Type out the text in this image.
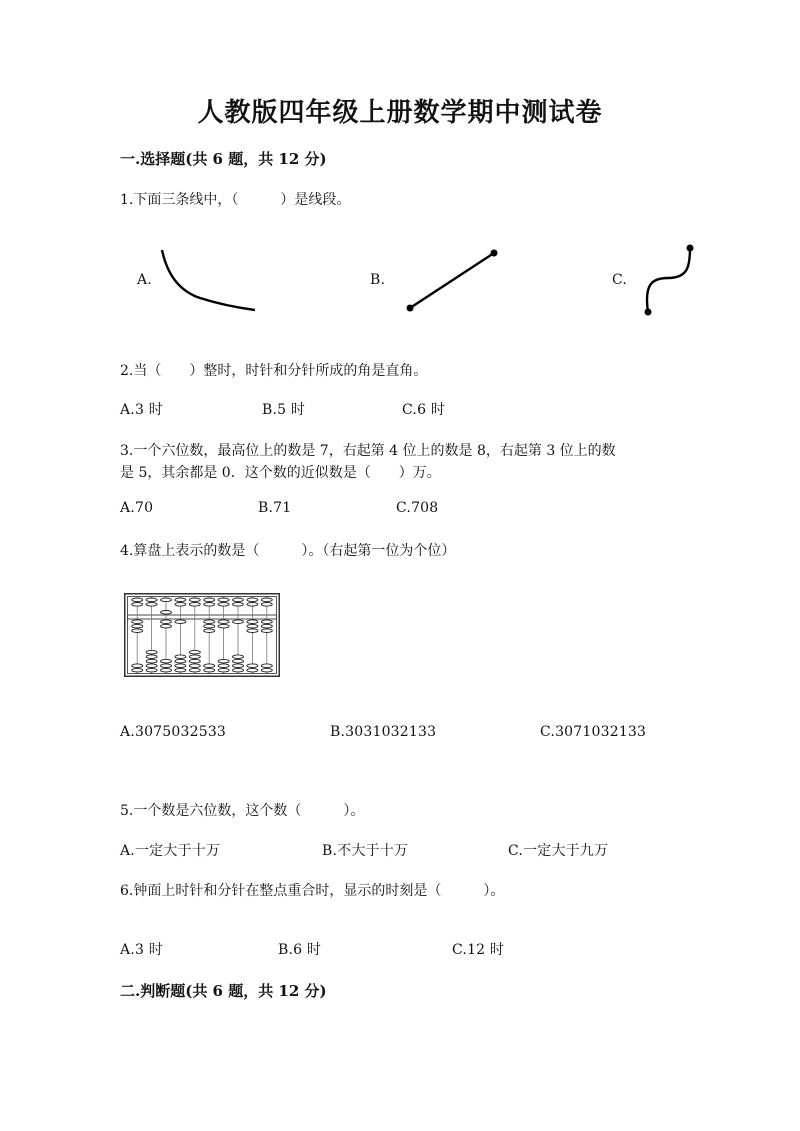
人教版四年级上册数学期中测试卷
一.选择题(共 6 题，共 12 分)
1.下面三条线中，（　　　）是线段。
A.	B.	C.
2.当（　　）整时，时针和分针所成的角是直角。
A.3 时	B.5 时	C.6 时
3.一个六位数，最高位上的数是 7，右起第 4 位上的数是 8，右起第 3 位上的数
是 5，其余都是 0．这个数的近似数是（　　）万。
A.70	B.71	C.708
4.算盘上表示的数是（　　　）。（右起第一位为个位）
A.3075032533	B.3031032133	C.3071032133
5.一个数是六位数，这个数（　　　）。
A.一定大于十万	B.不大于十万	C.一定大于九万
6.钟面上时针和分针在整点重合时，显示的时刻是（　　　）。
A.3 时	B.6 时	C.12 时
二.判断题(共 6 题，共 12 分)
